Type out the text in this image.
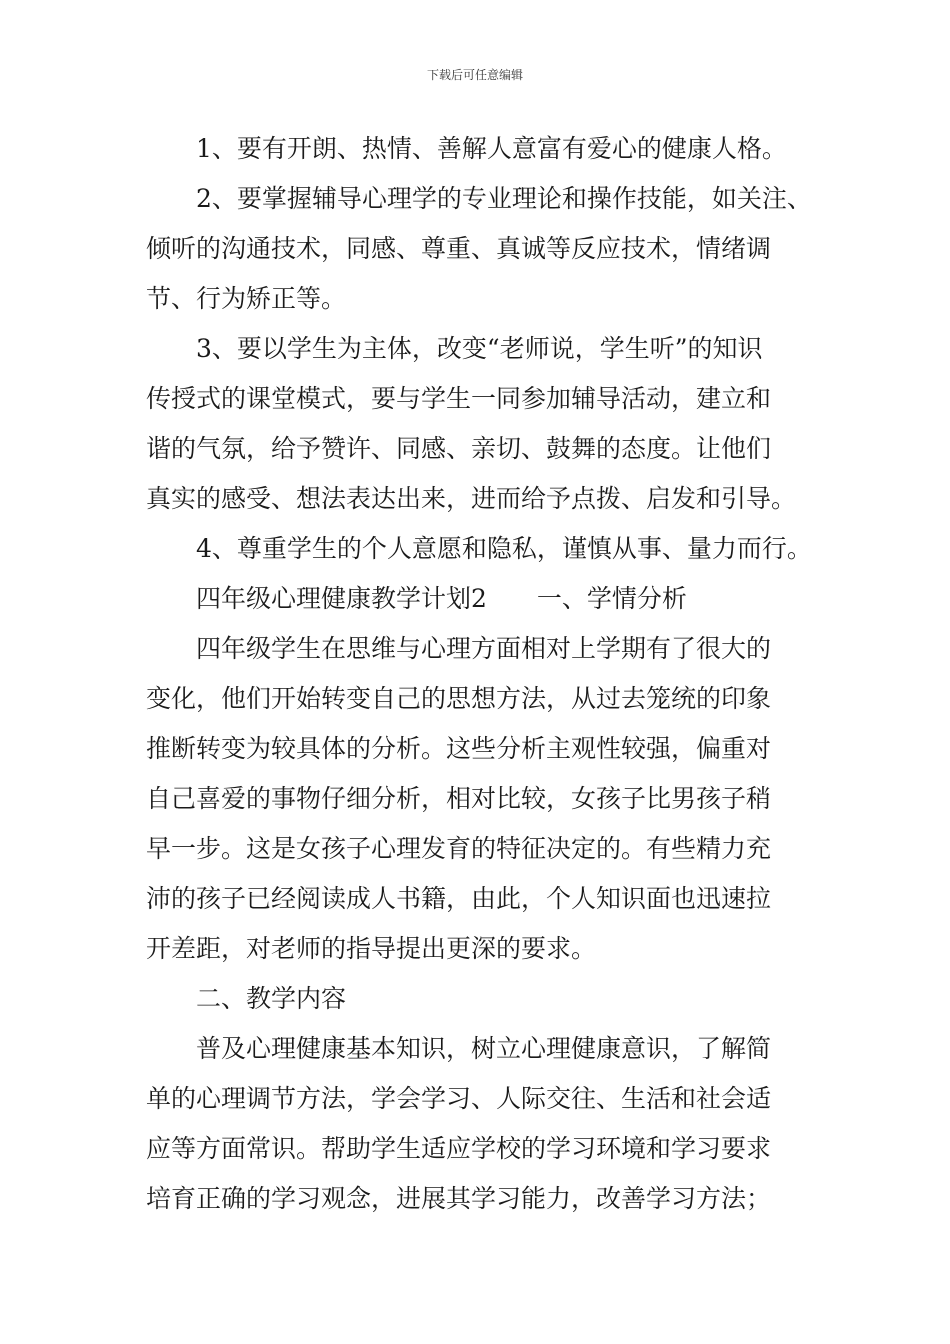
下载后可任意编辑
1、要有开朗、热情、善解人意富有爱心的健康人格。
2、要掌握辅导心理学的专业理论和操作技能，如关注、
倾听的沟通技术，同感、尊重、真诚等反应技术，情绪调
节、行为矫正等。
3、要以学生为主体，改变“老师说，学生听”的知识
传授式的课堂模式，要与学生一同参加辅导活动，建立和
谐的气氛，给予赞许、同感、亲切、鼓舞的态度。让他们
真实的感受、想法表达出来，进而给予点拨、启发和引导。
4、尊重学生的个人意愿和隐私，谨慎从事、量力而行。
四年级心理健康教学计划2　　一、学情分析
四年级学生在思维与心理方面相对上学期有了很大的
变化，他们开始转变自己的思想方法，从过去笼统的印象
推断转变为较具体的分析。这些分析主观性较强，偏重对
自己喜爱的事物仔细分析，相对比较，女孩子比男孩子稍
早一步。这是女孩子心理发育的特征决定的。有些精力充
沛的孩子已经阅读成人书籍，由此，个人知识面也迅速拉
开差距，对老师的指导提出更深的要求。
二、教学内容
普及心理健康基本知识，树立心理健康意识，了解简
单的心理调节方法，学会学习、人际交往、生活和社会适
应等方面常识。帮助学生适应学校的学习环境和学习要求
培育正确的学习观念，进展其学习能力，改善学习方法；
